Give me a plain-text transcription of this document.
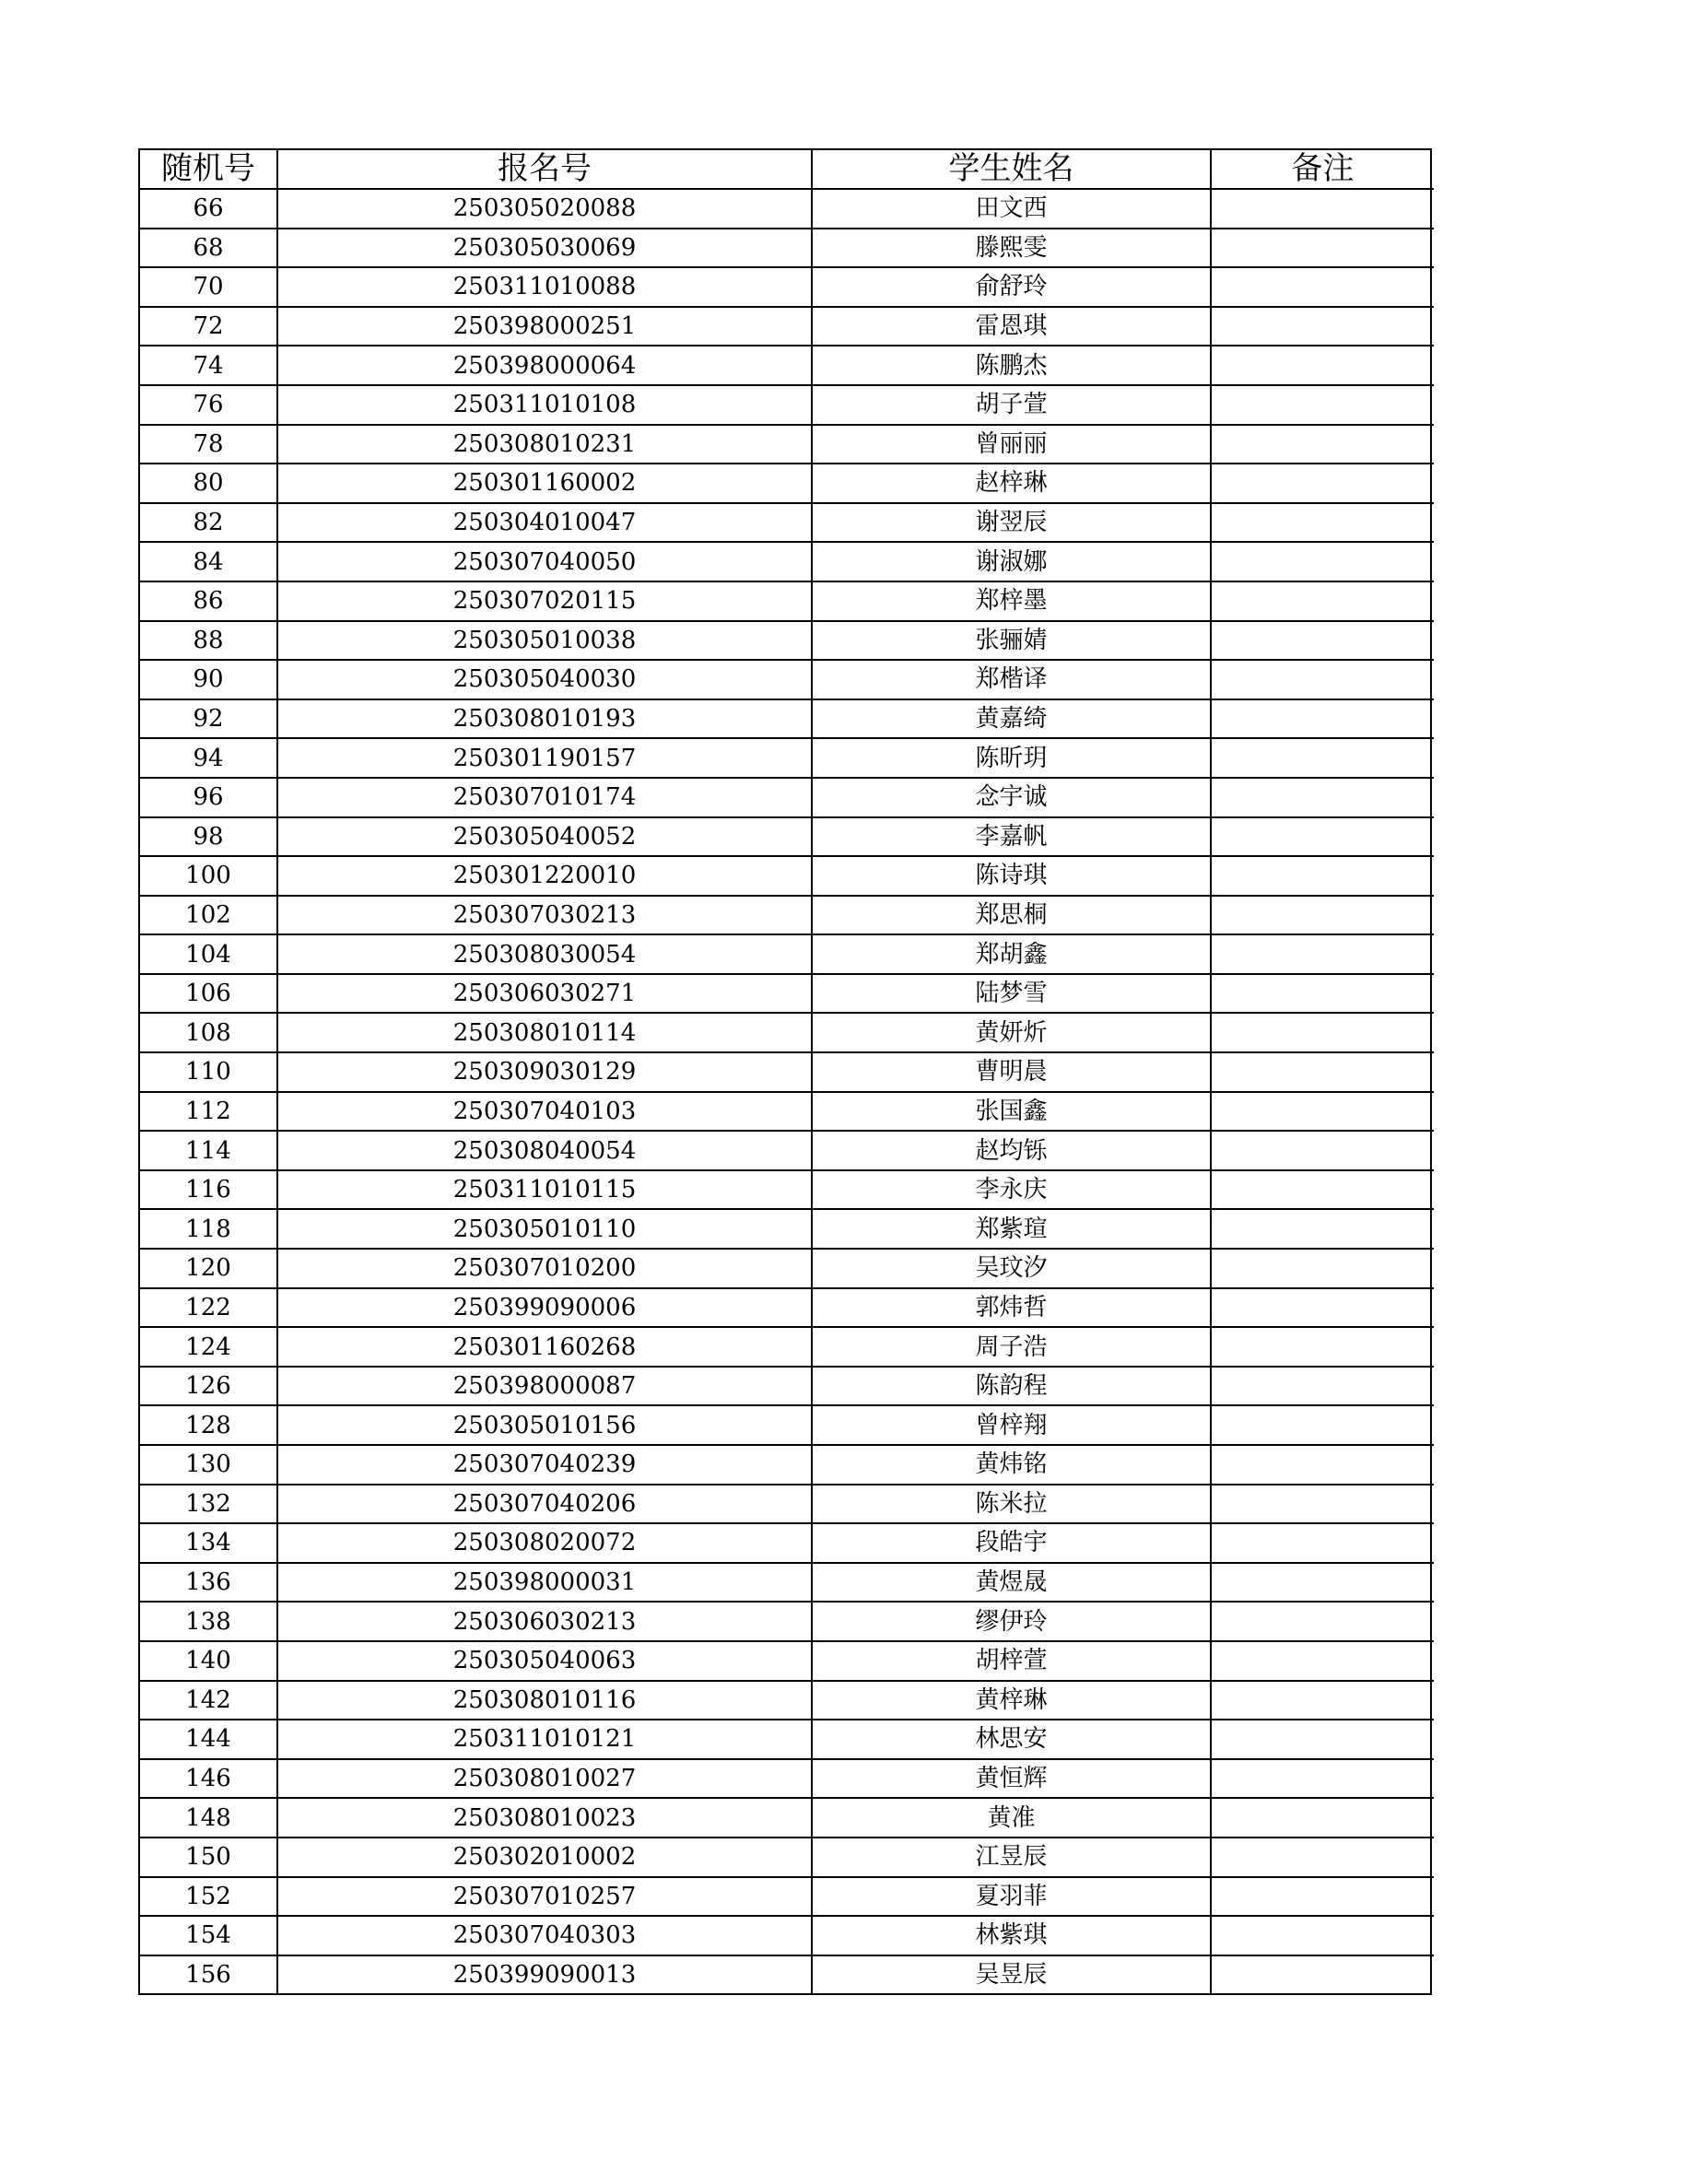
随机号	报名号	学生姓名	备注
66	250305020088	田文西	
68	250305030069	滕熙雯	
70	250311010088	俞舒玲	
72	250398000251	雷恩琪	
74	250398000064	陈鹏杰	
76	250311010108	胡子萱	
78	250308010231	曾丽丽	
80	250301160002	赵梓琳	
82	250304010047	谢翌辰	
84	250307040050	谢淑娜	
86	250307020115	郑梓墨	
88	250305010038	张骊婧	
90	250305040030	郑楷译	
92	250308010193	黄嘉绮	
94	250301190157	陈昕玥	
96	250307010174	念宇诚	
98	250305040052	李嘉帆	
100	250301220010	陈诗琪	
102	250307030213	郑思桐	
104	250308030054	郑胡鑫	
106	250306030271	陆梦雪	
108	250308010114	黄妍炘	
110	250309030129	曹明晨	
112	250307040103	张国鑫	
114	250308040054	赵均铄	
116	250311010115	李永庆	
118	250305010110	郑紫瑄	
120	250307010200	吴玟汐	
122	250399090006	郭炜哲	
124	250301160268	周子浩	
126	250398000087	陈韵程	
128	250305010156	曾梓翔	
130	250307040239	黄炜铭	
132	250307040206	陈米拉	
134	250308020072	段皓宇	
136	250398000031	黄煜晟	
138	250306030213	缪伊玲	
140	250305040063	胡梓萱	
142	250308010116	黄梓琳	
144	250311010121	林思安	
146	250308010027	黄恒辉	
148	250308010023	黄准	
150	250302010002	江昱辰	
152	250307010257	夏羽菲	
154	250307040303	林紫琪	
156	250399090013	吴昱辰	
